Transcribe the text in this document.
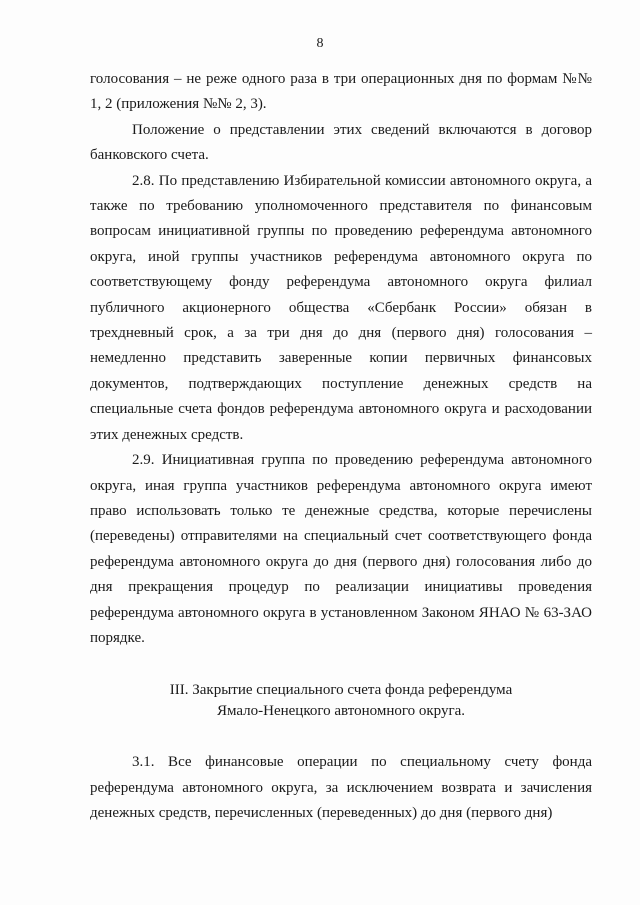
8

голосования – не реже одного раза в три операционных дня по формам №№ 1, 2 (приложения №№ 2, 3).

Положение о представлении этих сведений включаются в договор банковского счета.

2.8. По представлению Избирательной комиссии автономного округа, а также по требованию уполномоченного представителя по финансовым вопросам инициативной группы по проведению референдума автономного округа, иной группы участников референдума автономного округа по соответствующему фонду референдума автономного округа филиал публичного акционерного общества «Сбербанк России» обязан в трехдневный срок, а за три дня до дня (первого дня) голосования – немедленно представить заверенные копии первичных финансовых документов, подтверждающих поступление денежных средств на специальные счета фондов референдума автономного округа и расходовании этих денежных средств.

2.9. Инициативная группа по проведению референдума автономного округа, иная группа участников референдума автономного округа имеют право использовать только те денежные средства, которые перечислены (переведены) отправителями на специальный счет соответствующего фонда референдума автономного округа до дня (первого дня) голосования либо до дня прекращения процедур по реализации инициативы проведения референдума автономного округа в установленном Законом ЯНАО № 63-ЗАО порядке.

III. Закрытие специального счета фонда референдума

Ямало-Ненецкого автономного округа.

3.1. Все финансовые операции по специальному счету фонда референдума автономного округа, за исключением возврата и зачисления денежных средств, перечисленных (переведенных) до дня (первого дня)
